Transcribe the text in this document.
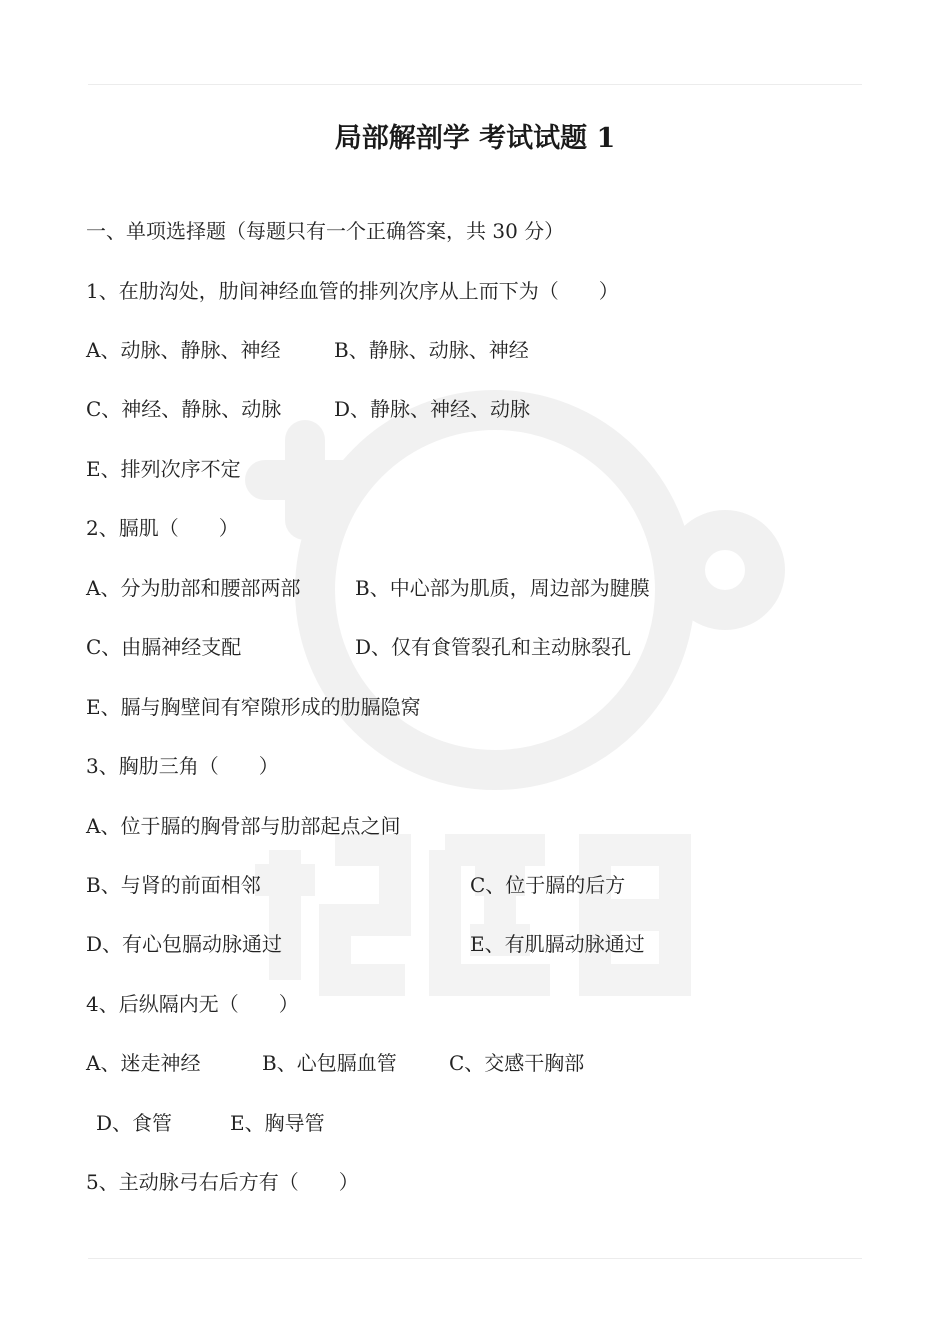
局部解剖学 考试试题 1
一、单项选择题（每题只有一个正确答案，共 30 分）
1、在肋沟处，肋间神经血管的排列次序从上而下为（　　）
A、动脉、静脉、神经	B、静脉、动脉、神经
C、神经、静脉、动脉	D、静脉、神经、动脉
E、排列次序不定
2、膈肌（　　）
A、分为肋部和腰部两部	B、中心部为肌质，周边部为腱膜
C、由膈神经支配	D、仅有食管裂孔和主动脉裂孔
E、膈与胸壁间有窄隙形成的肋膈隐窝
3、胸肋三角（　　）
A、位于膈的胸骨部与肋部起点之间
B、与肾的前面相邻	C、位于膈的后方
D、有心包膈动脉通过	E、有肌膈动脉通过
4、后纵隔内无（　　）
A、迷走神经	B、心包膈血管	C、交感干胸部
D、食管	E、胸导管
5、主动脉弓右后方有（　　）
